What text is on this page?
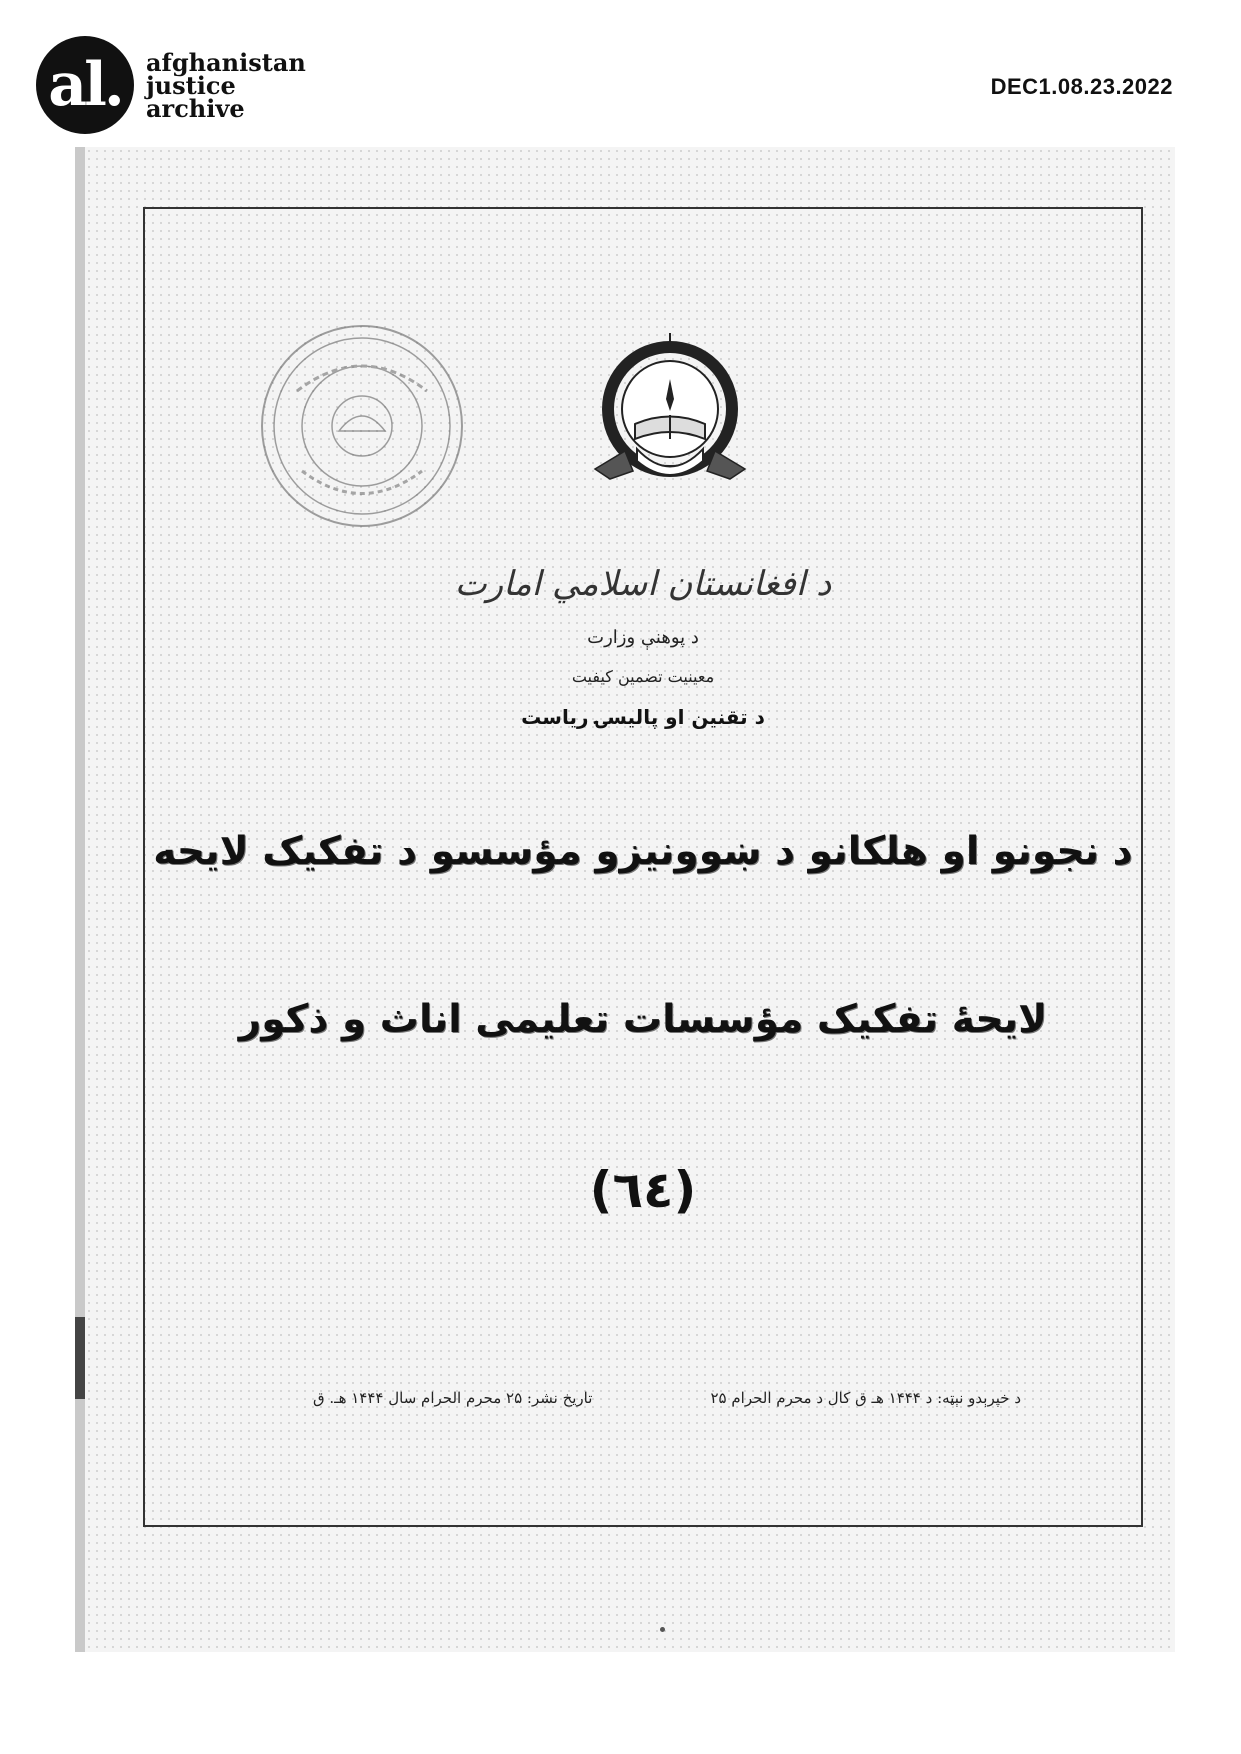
al.	afghanistan
justice
archive
DEC1.08.23.2022
د افغانستان اسلامي امارت
د پوهنې وزارت
معینیت تضمین کیفیت
د تقنین او پالیسۍ ریاست
د نجونو او هلکانو د ښوونيزو مؤسسو د تفکیک لایحه
لایحۀ تفکیک مؤسسات تعلیمی اناث و ذکور
(٦٤)
تاریخ نشر: ۲۵ محرم الحرام سال ۱۴۴۴ هـ. ق	د خپرېدو نېټه: د ۱۴۴۴ هـ ق کال د محرم الحرام ۲۵
